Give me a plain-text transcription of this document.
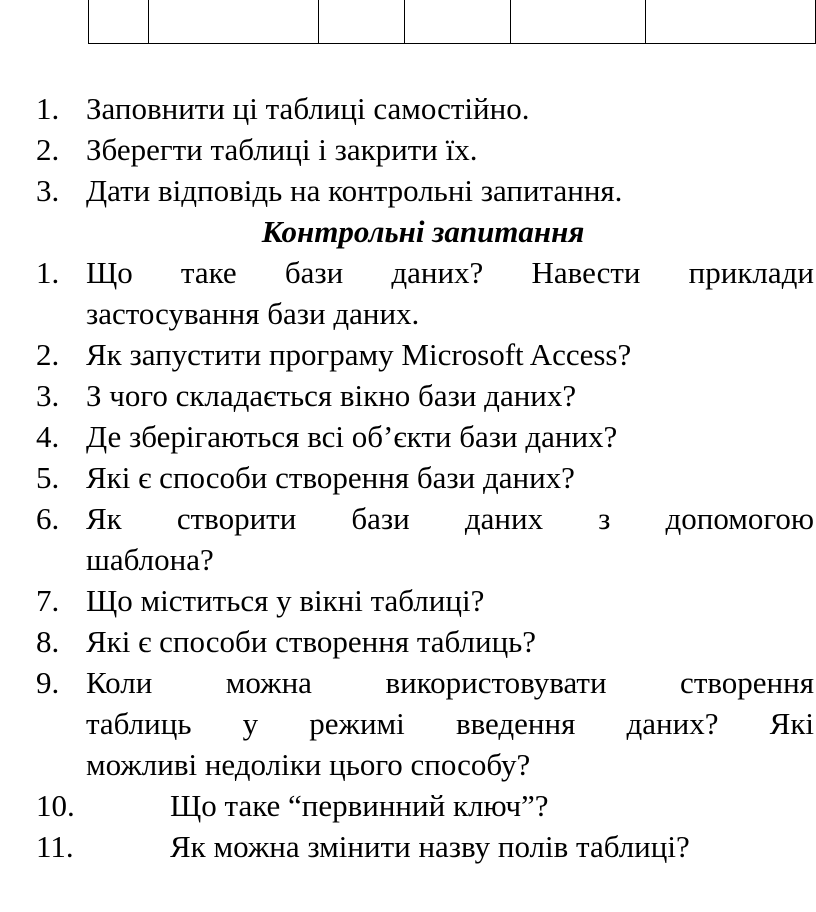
1. Заповнити ці таблиці самостійно.
2. Зберегти таблиці і закрити їх.
3. Дати відповідь на контрольні запитання.
Контрольні запитання
1. Що таке бази даних? Навести приклади
застосування бази даних.
2. Як запустити програму Microsoft Access?
3. З чого складається вікно бази даних?
4. Де зберігаються всі об’єкти бази даних?
5. Які є способи створення бази даних?
6. Як створити бази даних з допомогою
шаблона?
7. Що міститься у вікні таблиці?
8. Які є способи створення таблиць?
9. Коли можна використовувати створення
таблиць у режимі введення даних? Які
можливі недоліки цього способу?
10.	Що таке “первинний ключ”?
11.	Як можна змінити назву полів таблиці?
